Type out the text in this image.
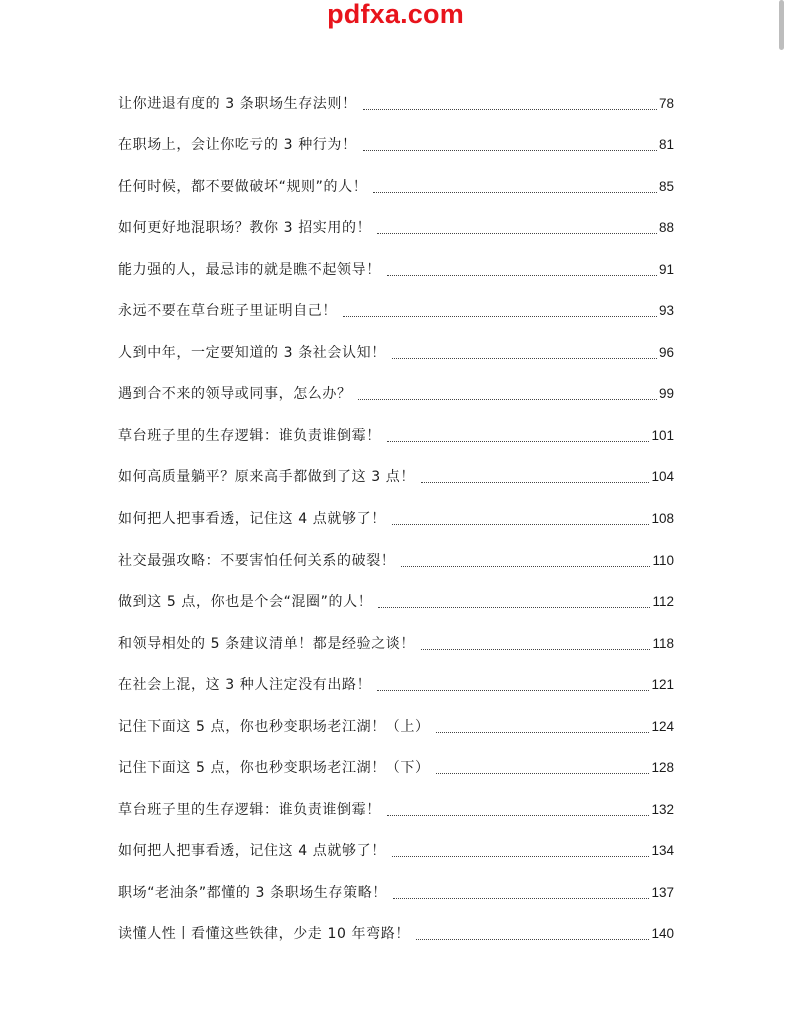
pdfxa.com
让你进退有度的 3 条职场生存法则！	78
在职场上，会让你吃亏的 3 种行为！	81
任何时候，都不要做破坏“规则”的人！	85
如何更好地混职场？教你 3 招实用的！	88
能力强的人，最忌讳的就是瞧不起领导！	91
永远不要在草台班子里证明自己！	93
人到中年，一定要知道的 3 条社会认知！	96
遇到合不来的领导或同事，怎么办？	99
草台班子里的生存逻辑：谁负责谁倒霉！	101
如何高质量躺平？原来高手都做到了这 3 点！	104
如何把人把事看透，记住这 4 点就够了！	108
社交最强攻略：不要害怕任何关系的破裂！	110
做到这 5 点，你也是个会“混圈”的人！	112
和领导相处的 5 条建议清单！都是经验之谈！	118
在社会上混，这 3 种人注定没有出路！	121
记住下面这 5 点，你也秒变职场老江湖！（上）	124
记住下面这 5 点，你也秒变职场老江湖！（下）	128
草台班子里的生存逻辑：谁负责谁倒霉！	132
如何把人把事看透，记住这 4 点就够了！	134
职场“老油条”都懂的 3 条职场生存策略！	137
读懂人性丨看懂这些铁律，少走 10 年弯路！	140
